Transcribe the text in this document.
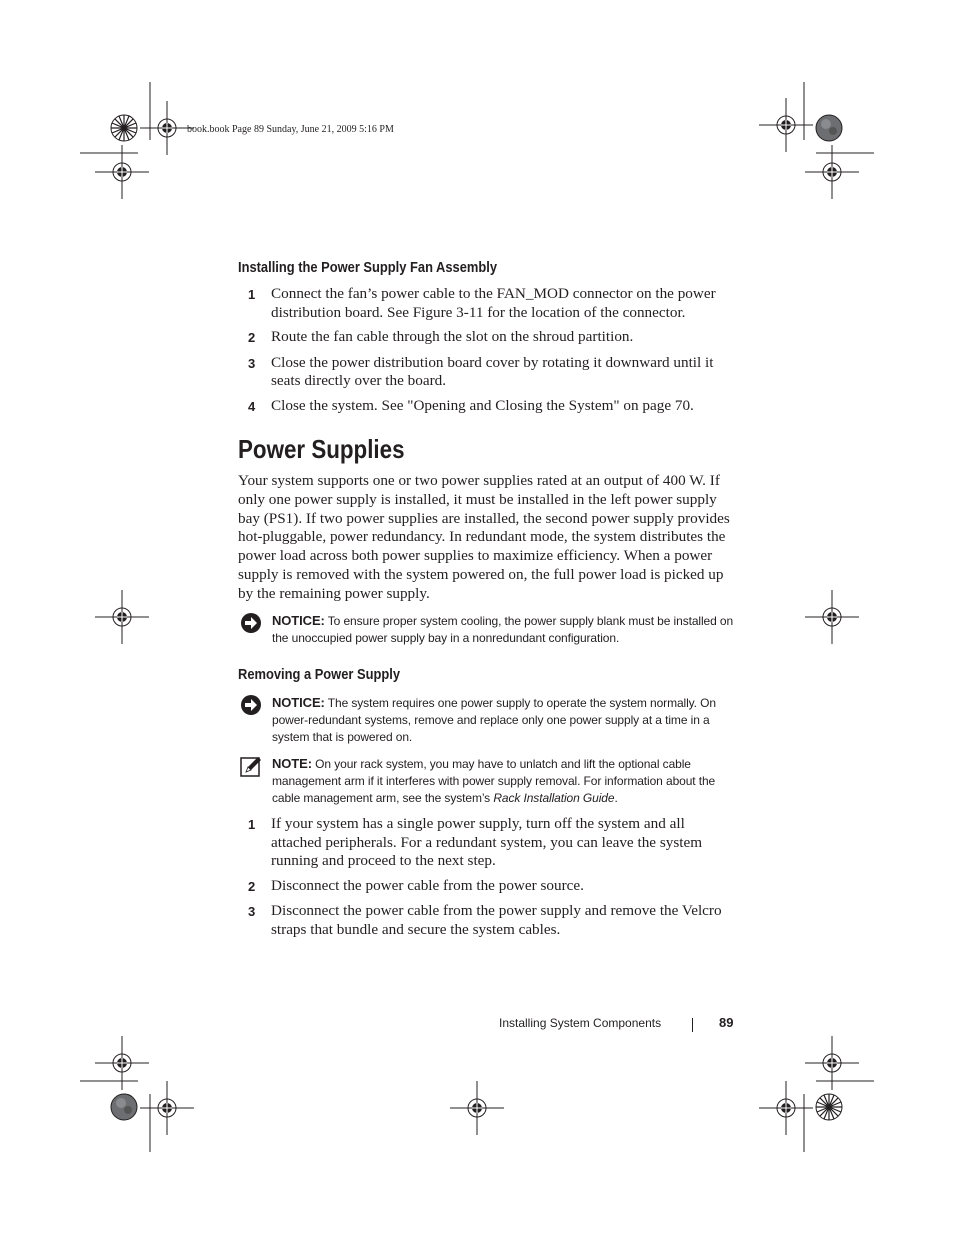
book.book Page 89 Sunday, June 21, 2009 5:16 PM
Installing the Power Supply Fan Assembly
1	Connect the fan’s power cable to the FAN_MOD connector on the power distribution board. See Figure 3-11 for the location of the connector.
2	Route the fan cable through the slot on the shroud partition.
3	Close the power distribution board cover by rotating it downward until it seats directly over the board.
4	Close the system. See "Opening and Closing the System" on page 70.
Power Supplies
Your system supports one or two power supplies rated at an output of 400 W. If only one power supply is installed, it must be installed in the left power supply bay (PS1). If two power supplies are installed, the second power supply provides hot-pluggable, power redundancy. In redundant mode, the system distributes the power load across both power supplies to maximize efficiency. When a power supply is removed with the system powered on, the full power load is picked up by the remaining power supply.
NOTICE: To ensure proper system cooling, the power supply blank must be installed on the unoccupied power supply bay in a nonredundant configuration.
Removing a Power Supply
NOTICE: The system requires one power supply to operate the system normally. On power-redundant systems, remove and replace only one power supply at a time in a system that is powered on.
NOTE: On your rack system, you may have to unlatch and lift the optional cable management arm if it interferes with power supply removal. For information about the cable management arm, see the system’s Rack Installation Guide.
1	If your system has a single power supply, turn off the system and all attached peripherals. For a redundant system, you can leave the system running and proceed to the next step.
2	Disconnect the power cable from the power source.
3	Disconnect the power cable from the power supply and remove the Velcro straps that bundle and secure the system cables.
Installing System Components	89
